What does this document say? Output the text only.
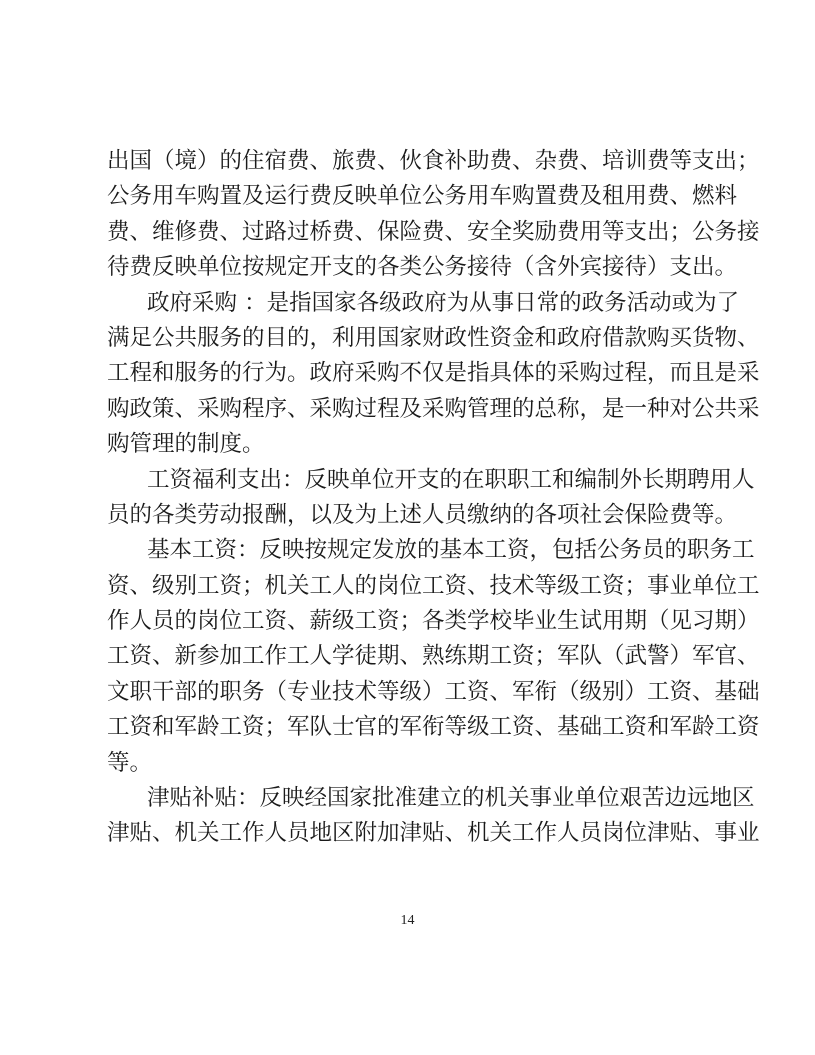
出国（境）的住宿费、旅费、伙食补助费、杂费、培训费等支出；
公务用车购置及运行费反映单位公务用车购置费及租用费、燃料
费、维修费、过路过桥费、保险费、安全奖励费用等支出；公务接
待费反映单位按规定开支的各类公务接待（含外宾接待）支出。
政府采购 ：是指国家各级政府为从事日常的政务活动或为了
满足公共服务的目的，利用国家财政性资金和政府借款购买货物、
工程和服务的行为。政府采购不仅是指具体的采购过程，而且是采
购政策、采购程序、采购过程及采购管理的总称，是一种对公共采
购管理的制度。
工资福利支出：反映单位开支的在职职工和编制外长期聘用人
员的各类劳动报酬，以及为上述人员缴纳的各项社会保险费等。
基本工资：反映按规定发放的基本工资，包括公务员的职务工
资、级别工资；机关工人的岗位工资、技术等级工资；事业单位工
作人员的岗位工资、薪级工资；各类学校毕业生试用期（见习期）
工资、新参加工作工人学徒期、熟练期工资；军队（武警）军官、
文职干部的职务（专业技术等级）工资、军衔（级别）工资、基础
工资和军龄工资；军队士官的军衔等级工资、基础工资和军龄工资
等。
津贴补贴：反映经国家批准建立的机关事业单位艰苦边远地区
津贴、机关工作人员地区附加津贴、机关工作人员岗位津贴、事业
14
